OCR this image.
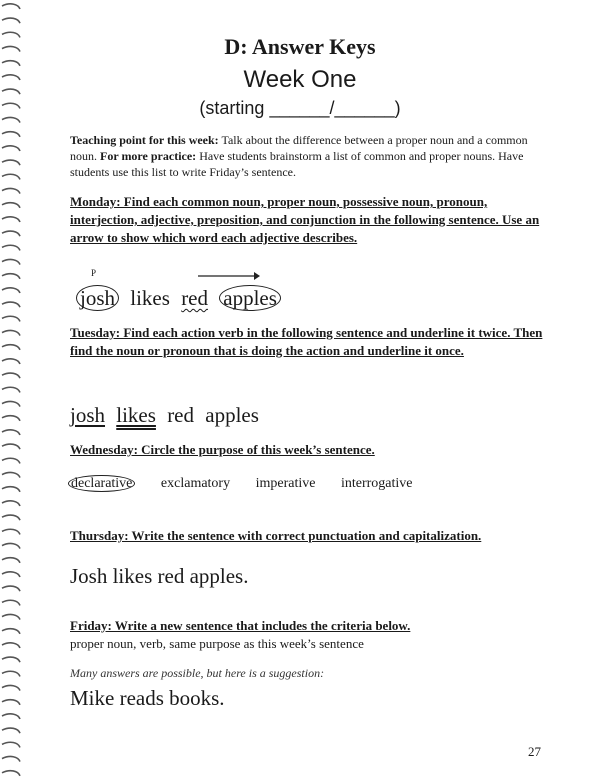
D: Answer Keys
Week One
(starting ______/______)
Teaching point for this week: Talk about the difference between a proper noun and a common noun. For more practice: Have students brainstorm a list of common and proper nouns. Have students use this list to write Friday’s sentence.
Monday: Find each common noun, proper noun, possessive noun, pronoun, interjection, adjective, preposition, and conjunction in the following sentence. Use an arrow to show which word each adjective describes.
P
josh likes red apples
Tuesday: Find each action verb in the following sentence and underline it twice. Then find the noun or pronoun that is doing the action and underline it once.
josh likes red apples
Wednesday: Circle the purpose of this week’s sentence.
declarative exclamatory imperative interrogative
Thursday: Write the sentence with correct punctuation and capitalization.
Josh likes red apples.
Friday: Write a new sentence that includes the criteria below.
proper noun, verb, same purpose as this week’s sentence
Many answers are possible, but here is a suggestion:
Mike reads books.
27
